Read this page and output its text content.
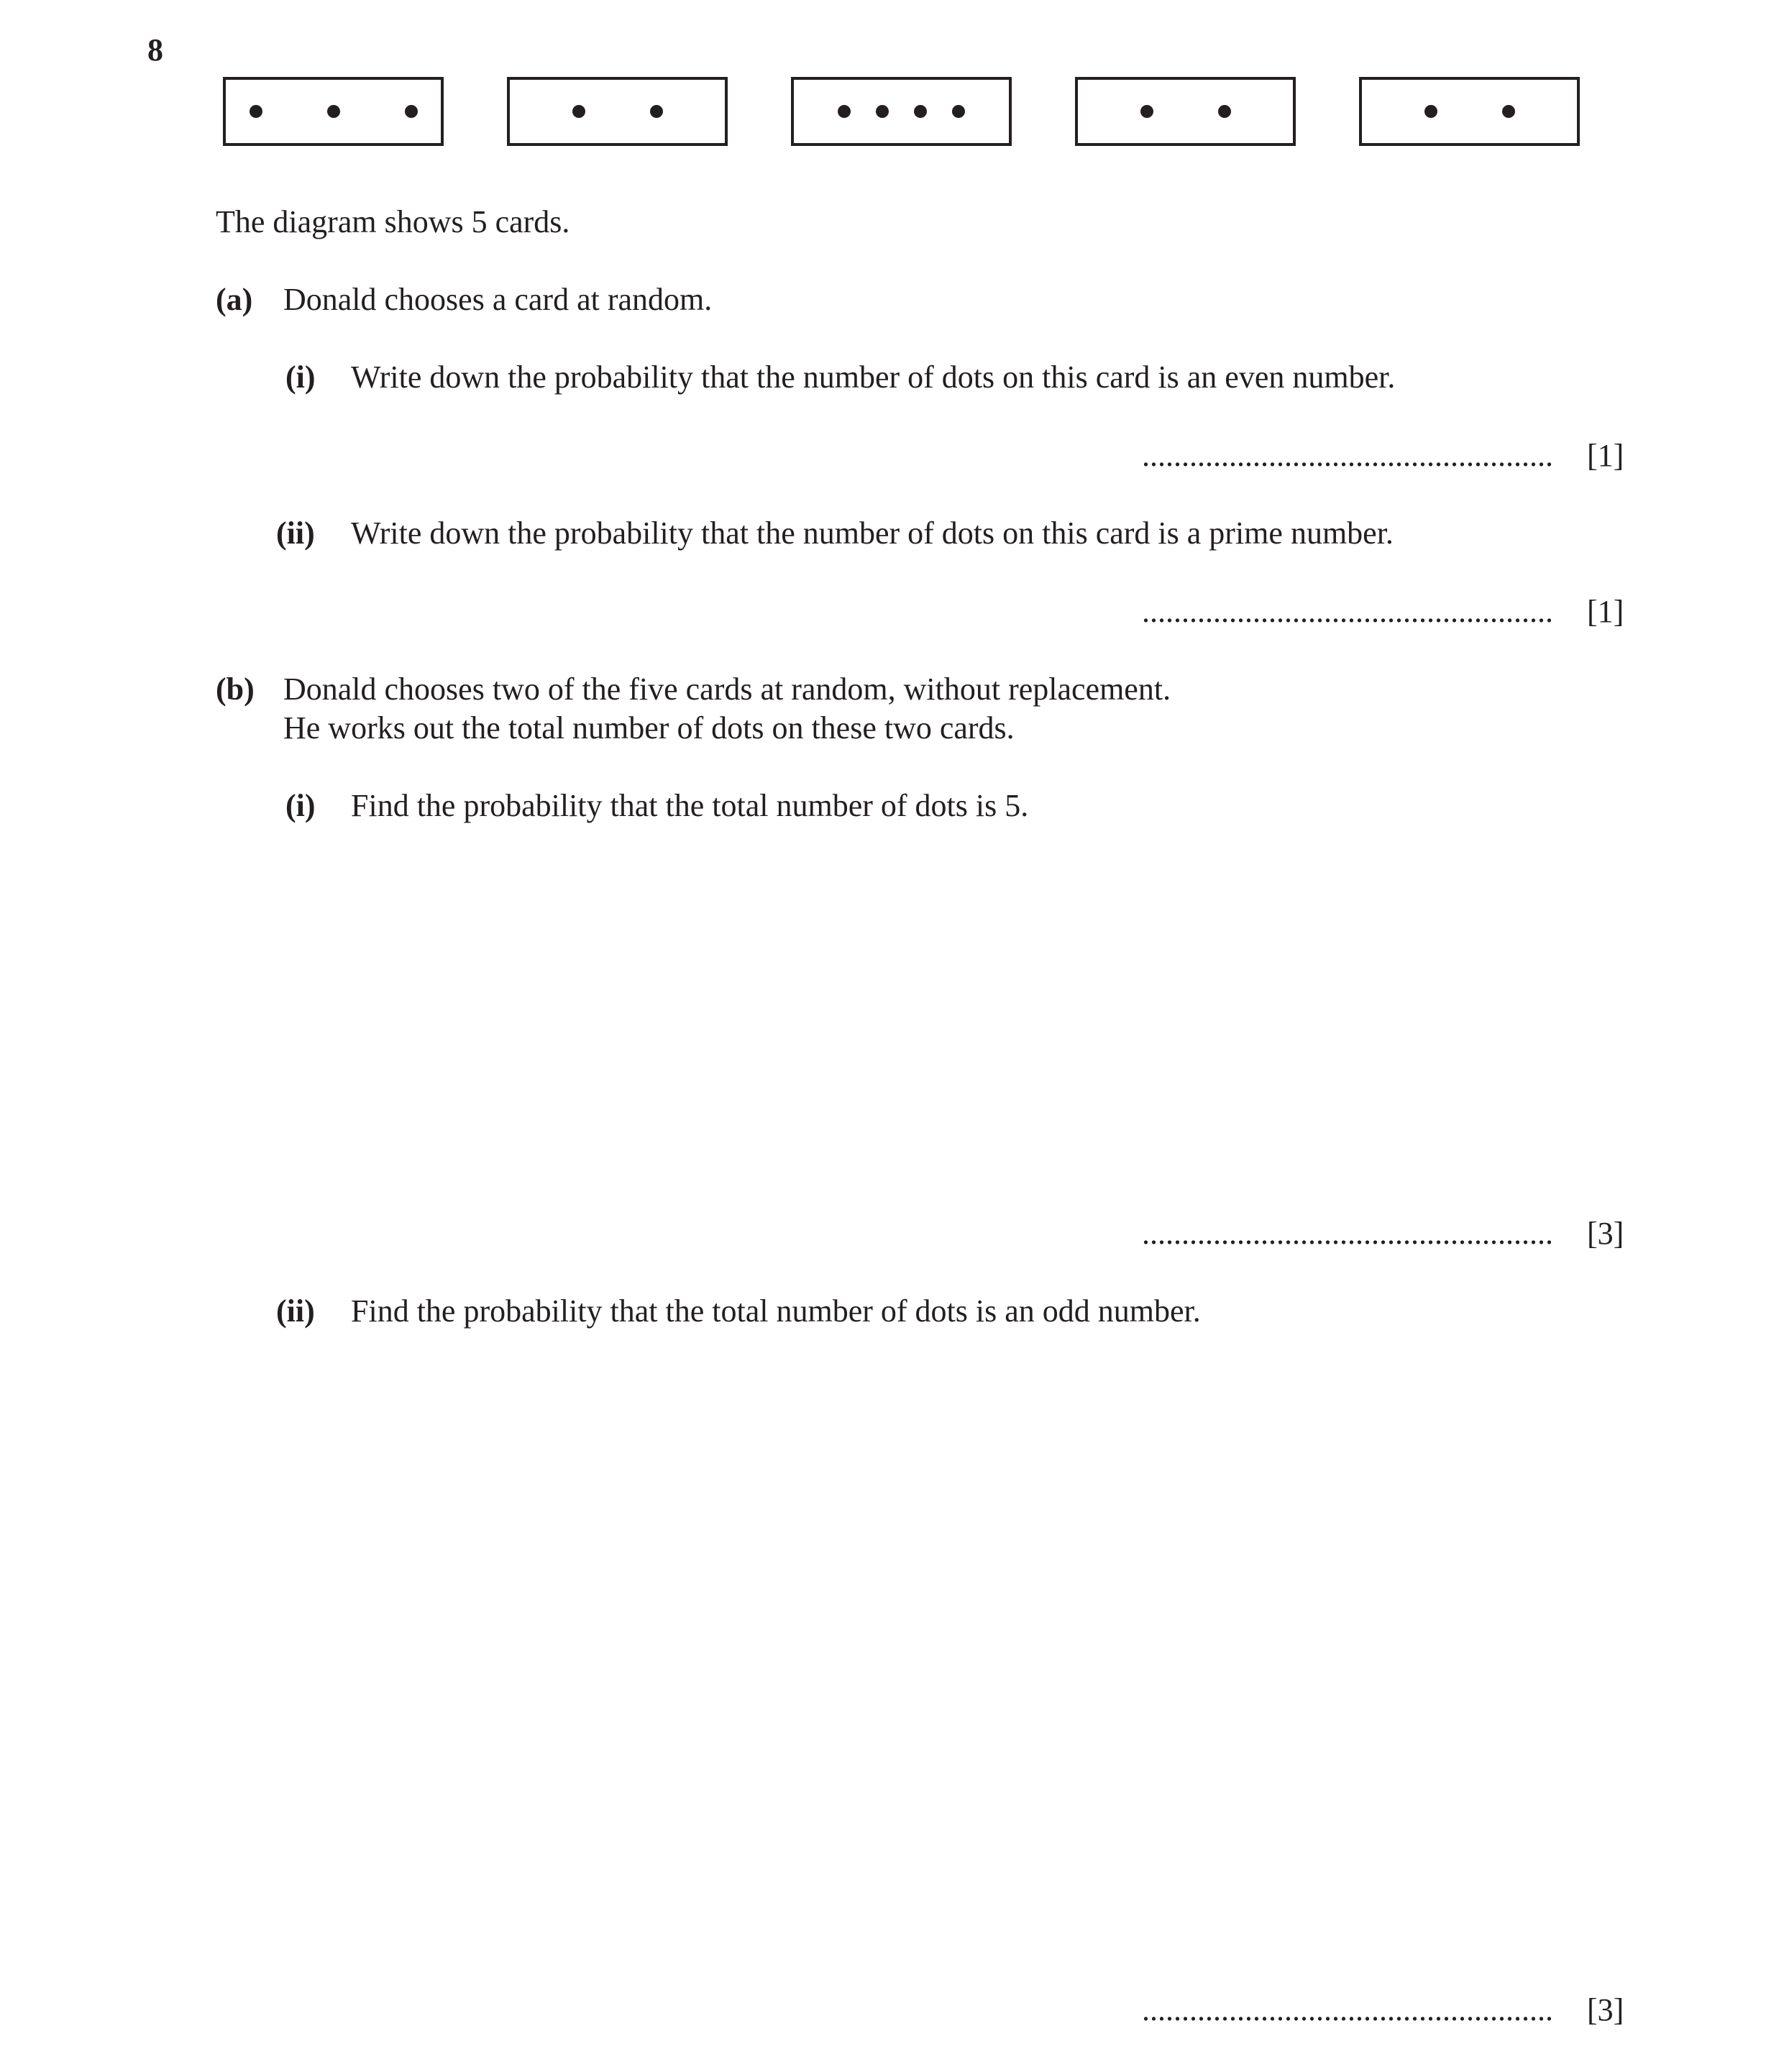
8
The diagram shows 5 cards.
(a) Donald chooses a card at random.
(i) Write down the probability that the number of dots on this card is an even number.
.................................................... [1]
(ii) Write down the probability that the number of dots on this card is a prime number.
.................................................... [1]
(b) Donald chooses two of the five cards at random, without replacement.
He works out the total number of dots on these two cards.
(i) Find the probability that the total number of dots is 5.
.................................................... [3]
(ii) Find the probability that the total number of dots is an odd number.
.................................................... [3]
